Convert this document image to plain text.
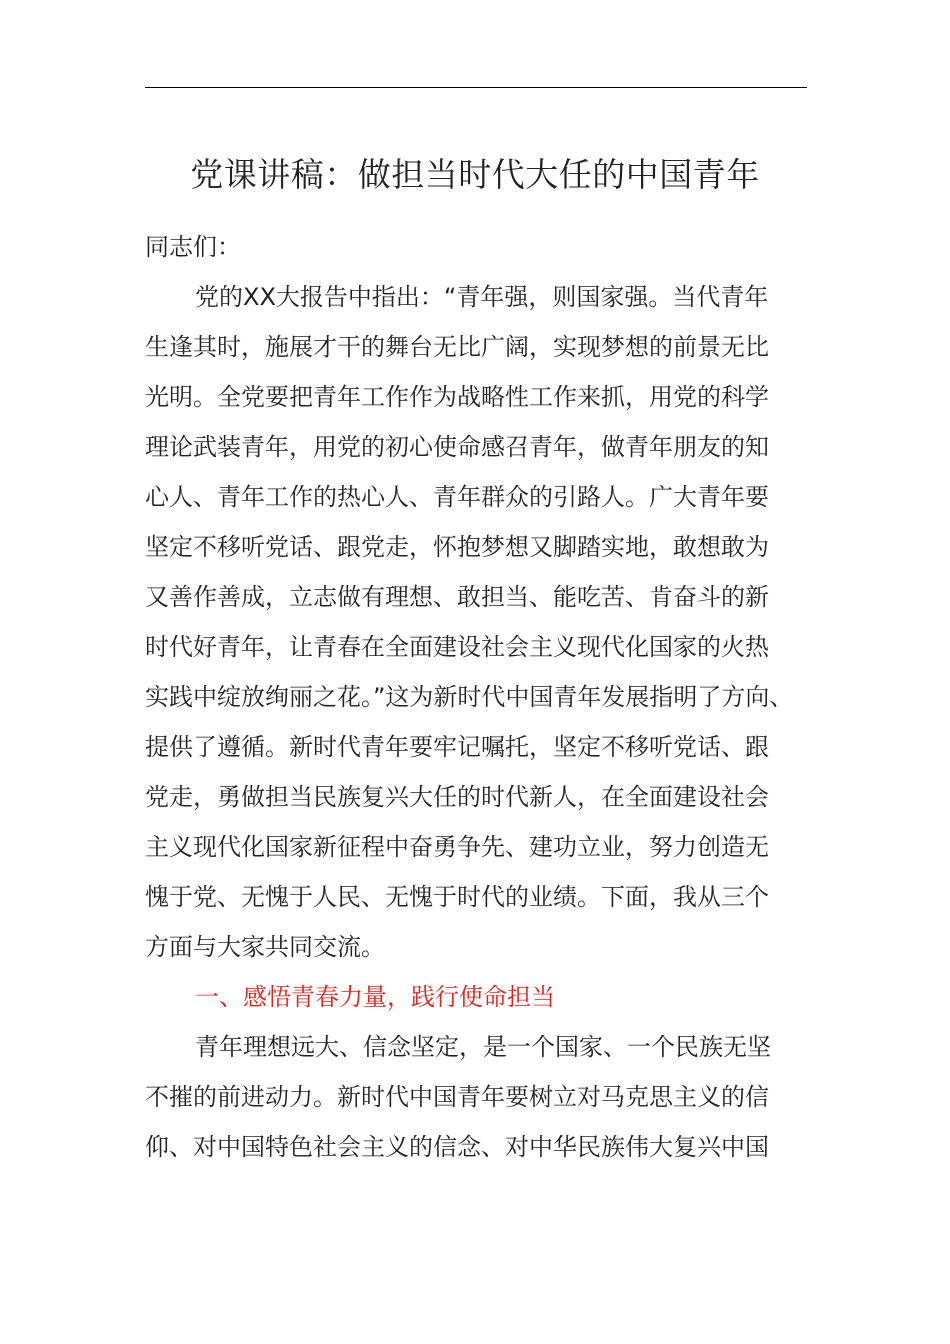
党课讲稿：做担当时代大任的中国青年
同志们：
党的XX大报告中指出：“青年强，则国家强。当代青年
生逢其时，施展才干的舞台无比广阔，实现梦想的前景无比
光明。全党要把青年工作作为战略性工作来抓，用党的科学
理论武装青年，用党的初心使命感召青年，做青年朋友的知
心人、青年工作的热心人、青年群众的引路人。广大青年要
坚定不移听党话、跟党走，怀抱梦想又脚踏实地，敢想敢为
又善作善成，立志做有理想、敢担当、能吃苦、肯奋斗的新
时代好青年，让青春在全面建设社会主义现代化国家的火热
实践中绽放绚丽之花。”这为新时代中国青年发展指明了方向、
提供了遵循。新时代青年要牢记嘱托，坚定不移听党话、跟
党走，勇做担当民族复兴大任的时代新人，在全面建设社会
主义现代化国家新征程中奋勇争先、建功立业，努力创造无
愧于党、无愧于人民、无愧于时代的业绩。下面，我从三个
方面与大家共同交流。
一、感悟青春力量，践行使命担当
青年理想远大、信念坚定，是一个国家、一个民族无坚
不摧的前进动力。新时代中国青年要树立对马克思主义的信
仰、对中国特色社会主义的信念、对中华民族伟大复兴中国
